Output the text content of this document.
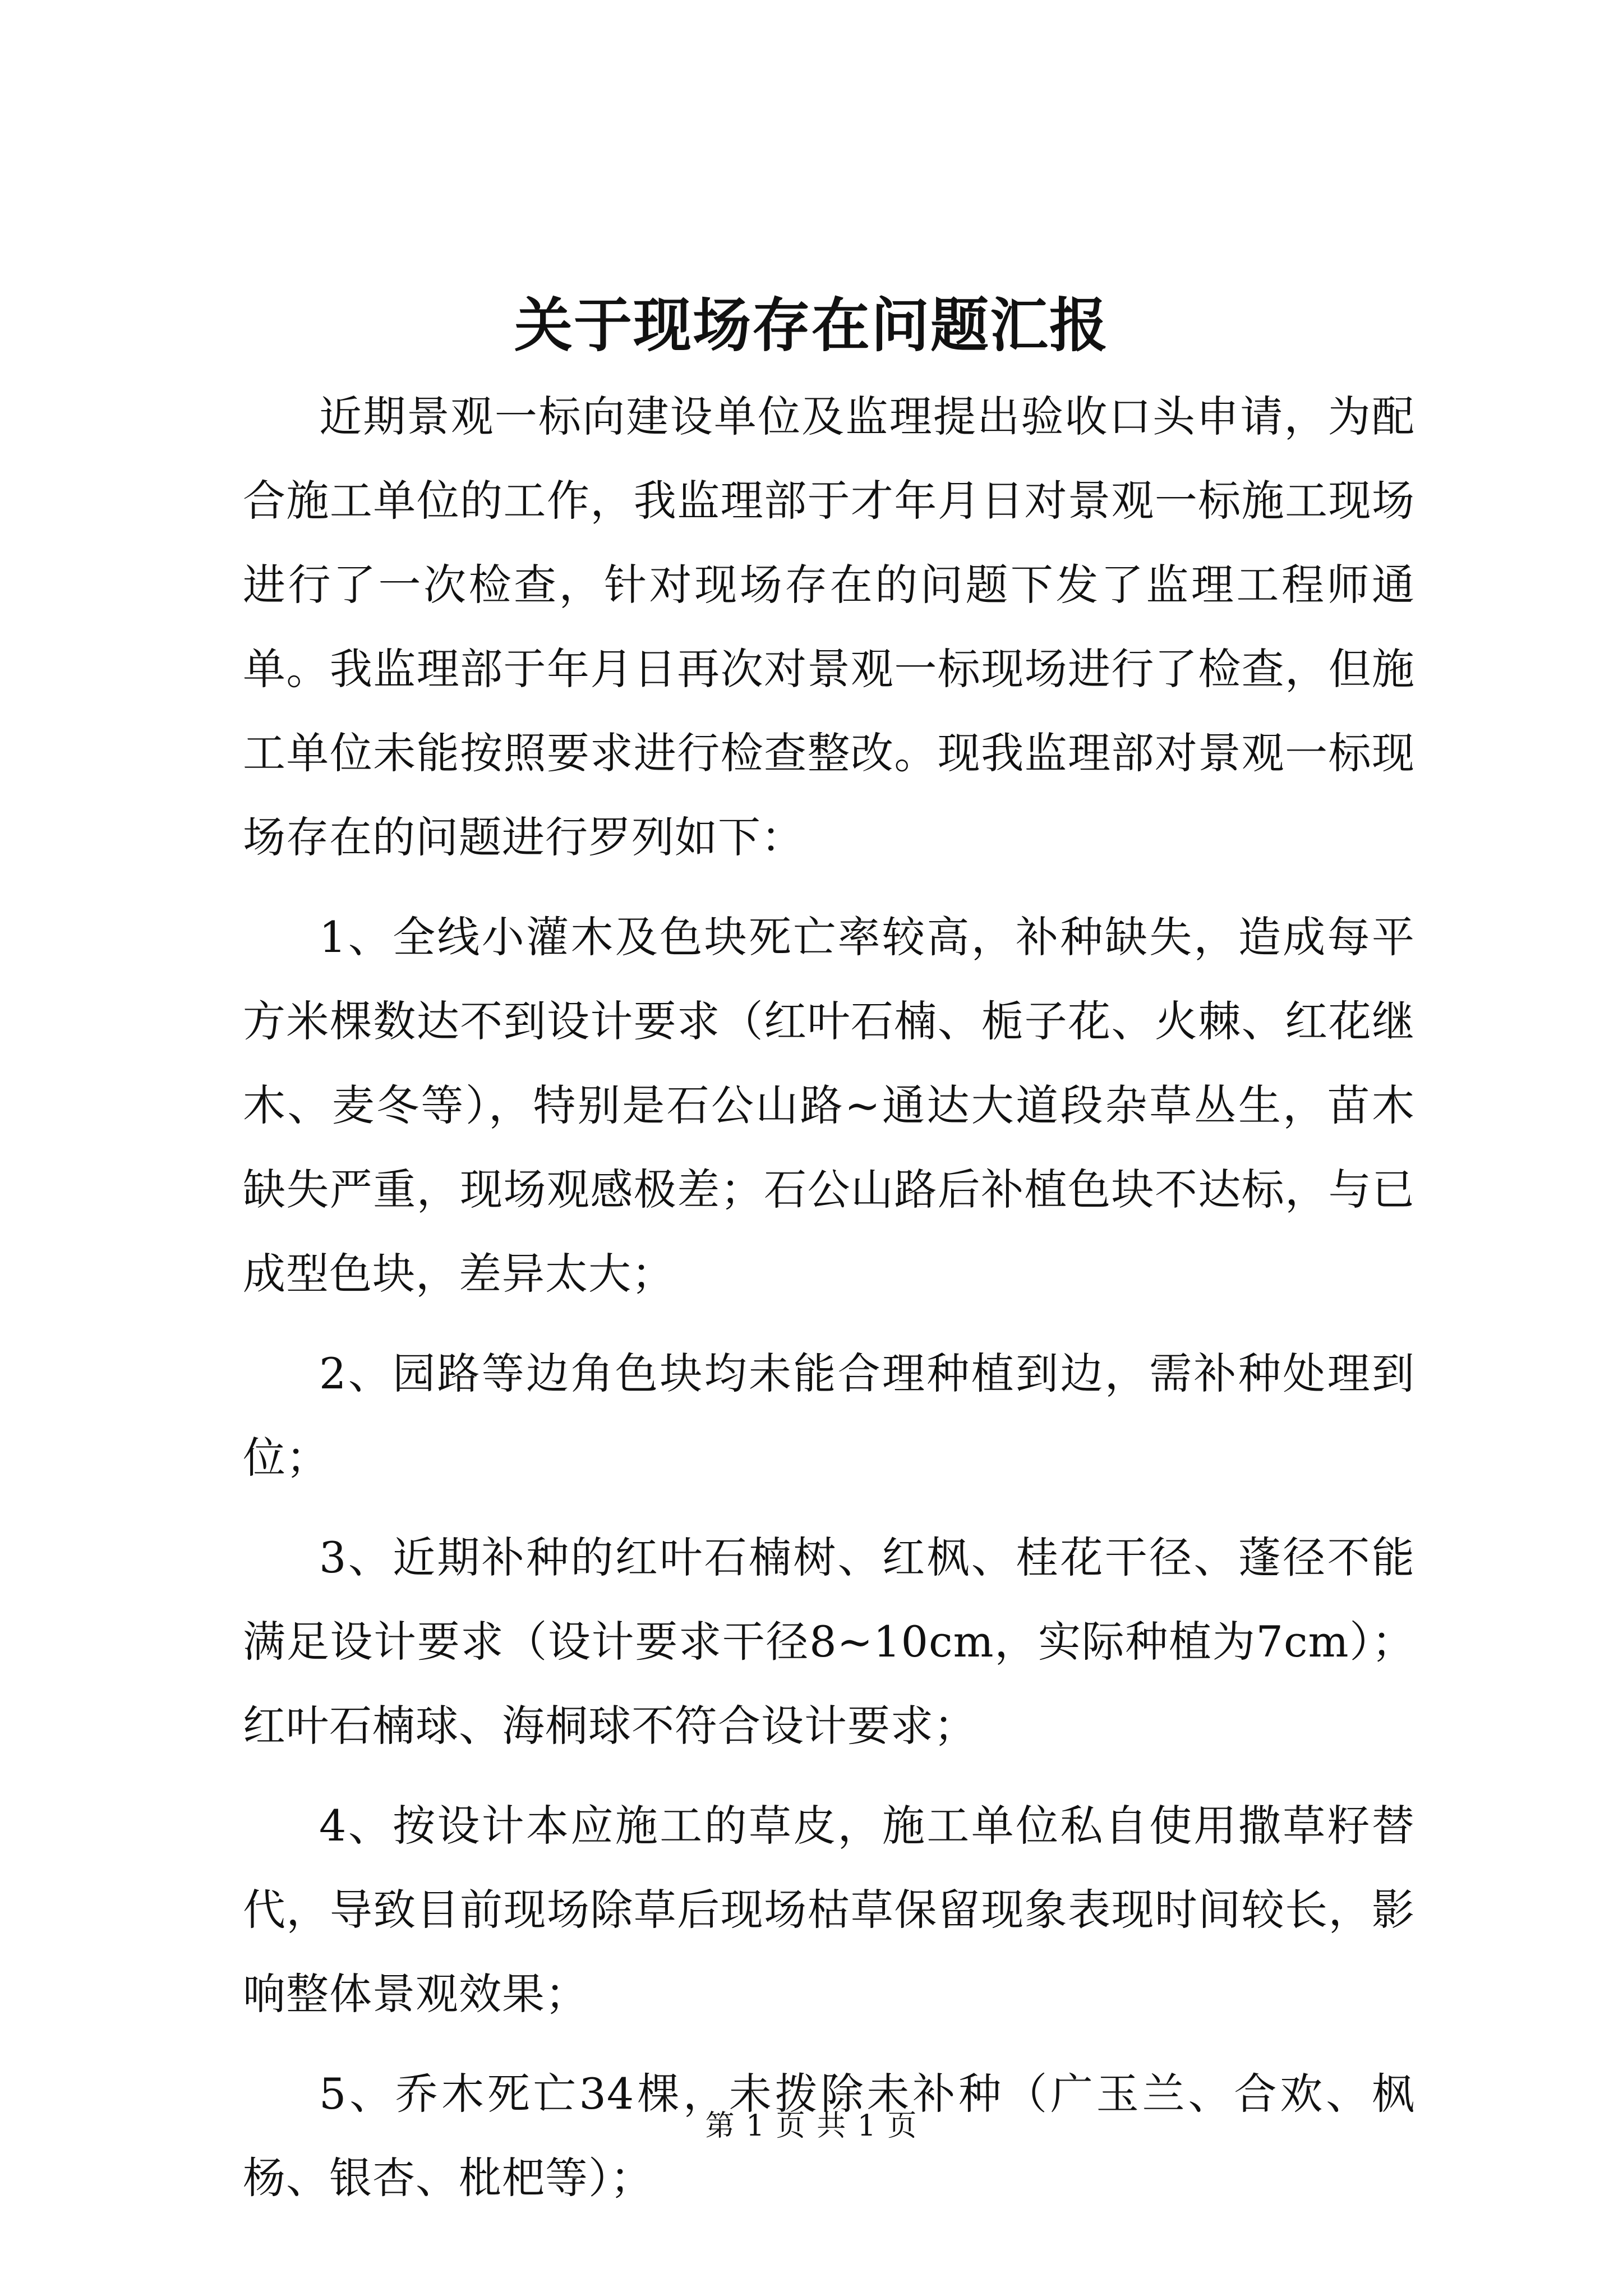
关于现场存在问题汇报

近期景观一标向建设单位及监理提出验收口头申请，为配合施工单位的工作，我监理部于才年月日对景观一标施工现场进行了一次检查，针对现场存在的问题下发了监理工程师通单。我监理部于年月日再次对景观一标现场进行了检查，但施工单位未能按照要求进行检查整改。现我监理部对景观一标现场存在的问题进行罗列如下：

1、全线小灌木及色块死亡率较高，补种缺失，造成每平方米棵数达不到设计要求（红叶石楠、栀子花、火棘、红花继木、麦冬等），特别是石公山路~通达大道段杂草丛生，苗木缺失严重，现场观感极差；石公山路后补植色块不达标，与已成型色块，差异太大；

2、园路等边角色块均未能合理种植到边，需补种处理到位；

3、近期补种的红叶石楠树、红枫、桂花干径、蓬径不能满足设计要求（设计要求干径8~10cm，实际种植为7cm）；红叶石楠球、海桐球不符合设计要求；

4、按设计本应施工的草皮，施工单位私自使用撒草籽替代，导致目前现场除草后现场枯草保留现象表现时间较长，影响整体景观效果；

5、乔木死亡34棵，未拨除未补种（广玉兰、合欢、枫杨、银杏、枇杷等）；

第 1 页 共 1 页
